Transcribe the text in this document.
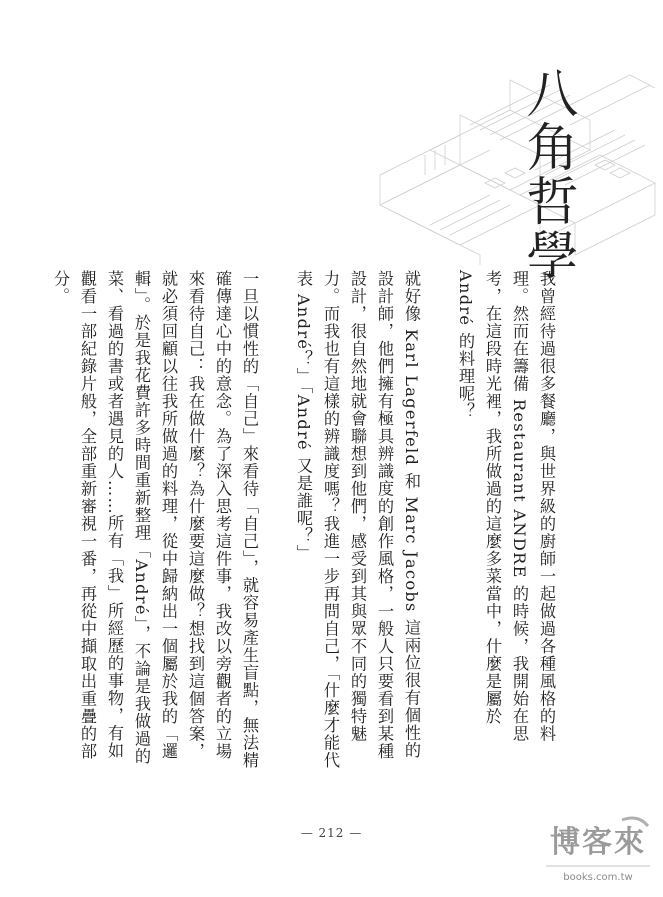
八角哲學

我曾經待過很多餐廳，與世界級的廚師一起做過各種風格的料理。然而在籌備 Restaurant ANDRE 的時候，我開始在思考，在這段時光裡，我所做過的這麼多菜當中，什麼是屬於 André 的料理呢？

就好像 Karl Lagerfeld 和 Marc Jacobs 這兩位很有個性的設計師，他們擁有極具辨識度的創作風格，一般人只要看到某種設計，很自然地就會聯想到他們，感受到其與眾不同的獨特魅力。而我也有這樣的辨識度嗎？我進一步再問自己，「什麼才能代表 André？」「André 又是誰呢？」

一旦以慣性的「自己」來看待「自己」，就容易產生盲點，無法精確傳達心中的意念。為了深入思考這件事，我改以旁觀者的立場來看待自己：我在做什麼？為什麼要這麼做？想找到這個答案，就必須回顧以往我所做過的料理，從中歸納出一個屬於我的「邏輯」。於是我花費許多時間重新整理「André」，不論是我做過的菜、看過的書或者遇見的人……所有「我」所經歷的事物，有如觀看一部紀錄片般，全部重新審視一番，再從中擷取出重疊的部分。

— 212 —	博客來
books.com.tw
